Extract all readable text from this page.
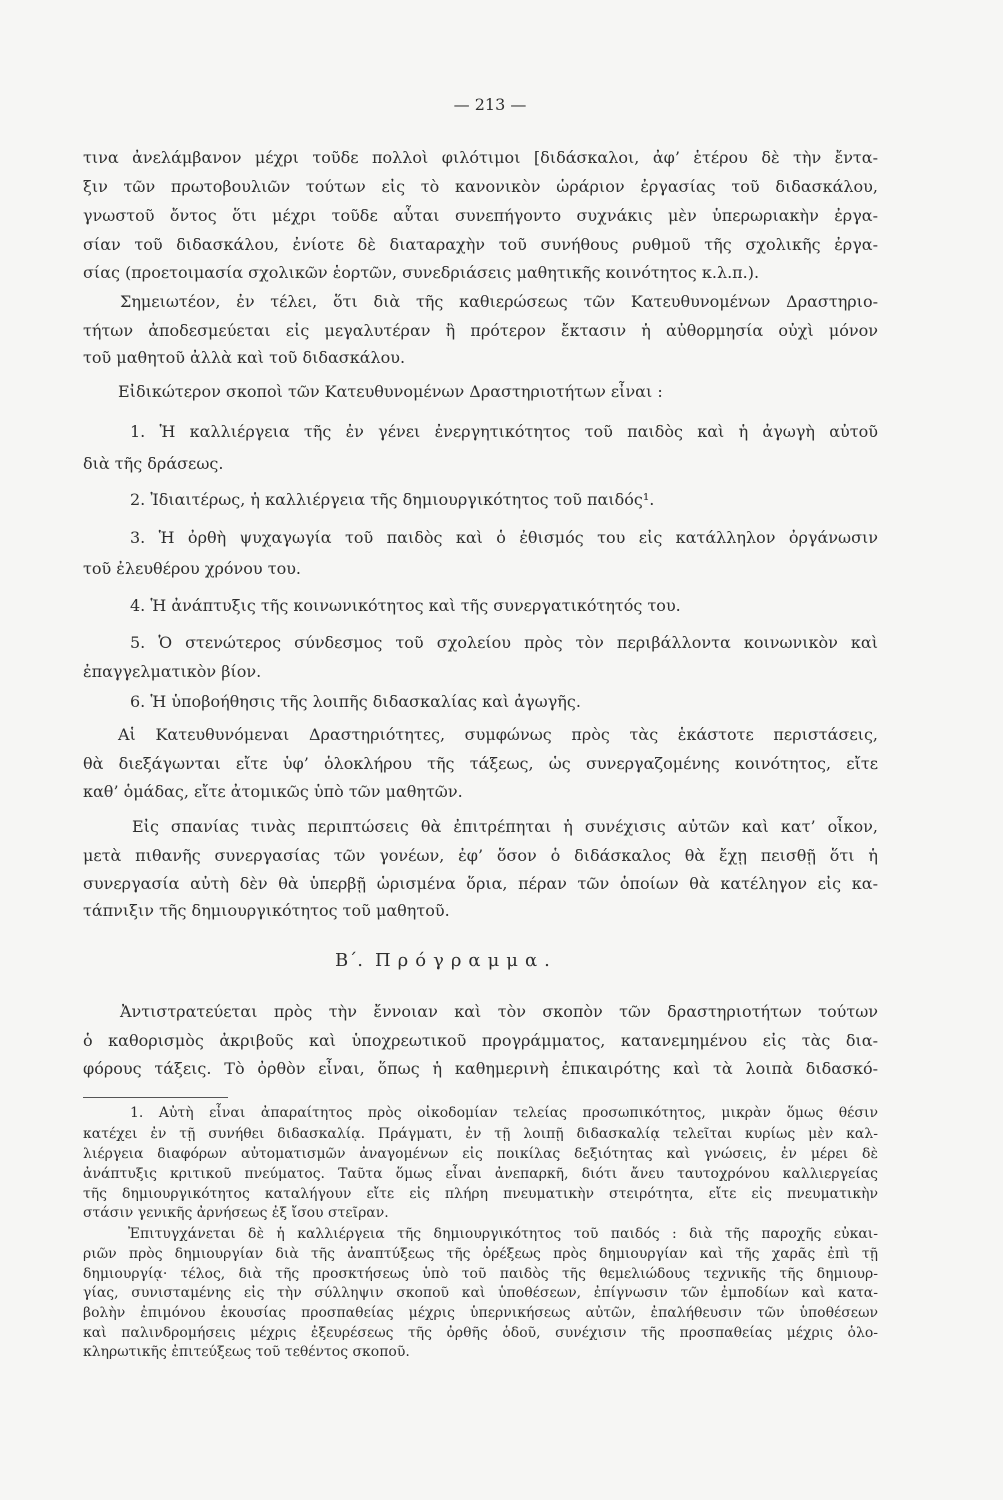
— 213 —
τινα ἀνελάμβανον μέχρι τοῦδε πολλοὶ φιλότιμοι [διδάσκαλοι, ἀφ’ ἑτέρου δὲ τὴν ἔντα-
ξιν τῶν πρωτοβουλιῶν τούτων εἰς τὸ κανονικὸν ὡράριον ἐργασίας τοῦ διδασκάλου,
γνωστοῦ ὄντος ὅτι μέχρι τοῦδε αὗται συνεπήγοντο συχνάκις μὲν ὑπερωριακὴν ἐργα-
σίαν τοῦ διδασκάλου, ἐνίοτε δὲ διαταραχὴν τοῦ συνήθους ρυθμοῦ τῆς σχολικῆς ἐργα-
σίας (προετοιμασία σχολικῶν ἑορτῶν, συνεδριάσεις μαθητικῆς κοινότητος κ.λ.π.).
Σημειωτέον, ἐν τέλει, ὅτι διὰ τῆς καθιερώσεως τῶν Κατευθυνομένων Δραστηριο-
τήτων ἀποδεσμεύεται εἰς μεγαλυτέραν ἢ πρότερον ἔκτασιν ἡ αὐθορμησία οὐχὶ μόνον
τοῦ μαθητοῦ ἀλλὰ καὶ τοῦ διδασκάλου.
Εἰδικώτερον σκοποὶ τῶν Κατευθυνομένων Δραστηριοτήτων εἶναι :
1. Ἡ καλλιέργεια τῆς ἐν γένει ἐνεργητικότητος τοῦ παιδὸς καὶ ἡ ἀγωγὴ αὐτοῦ
διὰ τῆς δράσεως.
2. Ἰδιαιτέρως, ἡ καλλιέργεια τῆς δημιουργικότητος τοῦ παιδός¹.
3. Ἡ ὀρθὴ ψυχαγωγία τοῦ παιδὸς καὶ ὁ ἐθισμός του εἰς κατάλληλον ὀργάνωσιν
τοῦ ἐλευθέρου χρόνου του.
4. Ἡ ἀνάπτυξις τῆς κοινωνικότητος καὶ τῆς συνεργατικότητός του.
5. Ὁ στενώτερος σύνδεσμος τοῦ σχολείου πρὸς τὸν περιβάλλοντα κοινωνικὸν καὶ
ἐπαγγελματικὸν βίον.
6. Ἡ ὑποβοήθησις τῆς λοιπῆς διδασκαλίας καὶ ἀγωγῆς.
Αἱ Κατευθυνόμεναι Δραστηριότητες, συμφώνως πρὸς τὰς ἑκάστοτε περιστάσεις,
θὰ διεξάγωνται εἴτε ὑφ’ ὁλοκλήρου τῆς τάξεως, ὡς συνεργαζομένης κοινότητος, εἴτε
καθ’ ὁμάδας, εἴτε ἀτομικῶς ὑπὸ τῶν μαθητῶν.
Εἰς σπανίας τινὰς περιπτώσεις θὰ ἐπιτρέπηται ἡ συνέχισις αὐτῶν καὶ κατ’ οἶκον,
μετὰ πιθανῆς συνεργασίας τῶν γονέων, ἐφ’ ὅσον ὁ διδάσκαλος θὰ ἔχῃ πεισθῇ ὅτι ἡ
συνεργασία αὐτὴ δὲν θὰ ὑπερβῇ ὡρισμένα ὅρια, πέραν τῶν ὁποίων θὰ κατέληγον εἰς κα-
τάπνιξιν τῆς δημιουργικότητος τοῦ μαθητοῦ.
Β΄. Πρόγραμμα.
Ἀντιστρατεύεται πρὸς τὴν ἔννοιαν καὶ τὸν σκοπὸν τῶν δραστηριοτήτων τούτων
ὁ καθορισμὸς ἀκριβοῦς καὶ ὑποχρεωτικοῦ προγράμματος, κατανεμημένου εἰς τὰς δια-
φόρους τάξεις. Τὸ ὀρθὸν εἶναι, ὅπως ἡ καθημερινὴ ἐπικαιρότης καὶ τὰ λοιπὰ διδασκό-
1. Αὐτὴ εἶναι ἀπαραίτητος πρὸς οἰκοδομίαν τελείας προσωπικότητος, μικρὰν ὅμως θέσιν
κατέχει ἐν τῇ συνήθει διδασκαλίᾳ. Πράγματι, ἐν τῇ λοιπῇ διδασκαλίᾳ τελεῖται κυρίως μὲν καλ-
λιέργεια διαφόρων αὐτοματισμῶν ἀναγομένων εἰς ποικίλας δεξιότητας καὶ γνώσεις, ἐν μέρει δὲ
ἀνάπτυξις κριτικοῦ πνεύματος. Ταῦτα ὅμως εἶναι ἀνεπαρκῆ, διότι ἄνευ ταυτοχρόνου καλλιεργείας
τῆς δημιουργικότητος καταλήγουν εἴτε εἰς πλήρη πνευματικὴν στειρότητα, εἴτε εἰς πνευματικὴν
στάσιν γενικῆς ἀρνήσεως ἐξ ἴσου στεῖραν.
Ἐπιτυγχάνεται δὲ ἡ καλλιέργεια τῆς δημιουργικότητος τοῦ παιδός : διὰ τῆς παροχῆς εὐκαι-
ριῶν πρὸς δημιουργίαν διὰ τῆς ἀναπτύξεως τῆς ὀρέξεως πρὸς δημιουργίαν καὶ τῆς χαρᾶς ἐπὶ τῇ
δημιουργίᾳ· τέλος, διὰ τῆς προσκτήσεως ὑπὸ τοῦ παιδὸς τῆς θεμελιώδους τεχνικῆς τῆς δημιουρ-
γίας, συνισταμένης εἰς τὴν σύλληψιν σκοποῦ καὶ ὑποθέσεων, ἐπίγνωσιν τῶν ἐμποδίων καὶ κατα-
βολὴν ἐπιμόνου ἑκουσίας προσπαθείας μέχρις ὑπερνικήσεως αὐτῶν, ἐπαλήθευσιν τῶν ὑποθέσεων
καὶ παλινδρομήσεις μέχρις ἐξευρέσεως τῆς ὀρθῆς ὁδοῦ, συνέχισιν τῆς προσπαθείας μέχρις ὁλο-
κληρωτικῆς ἐπιτεύξεως τοῦ τεθέντος σκοποῦ.
